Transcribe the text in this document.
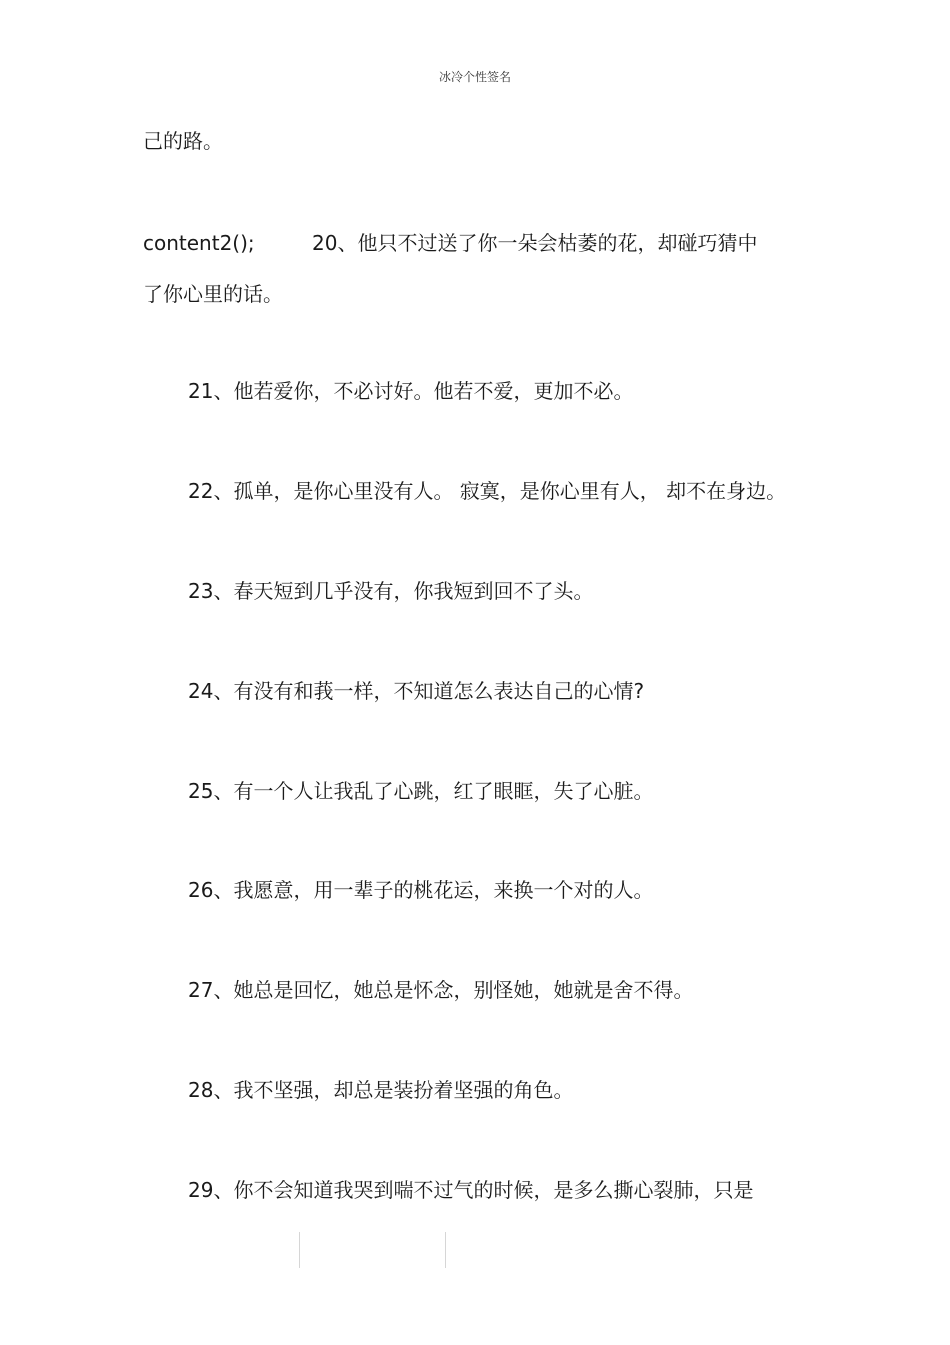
冰冷个性签名
己的路。
content2();	20、他只不过送了你一朵会枯萎的花，却碰巧猜中
了你心里的话。
21、他若爱你，不必讨好。他若不爱，更加不必。
22、孤单，是你心里没有人。 寂寞，是你心里有人， 却不在身边。
23、春天短到几乎没有，你我短到回不了头。
24、有没有和莪一样，不知道怎么表达自己的心情?
25、有一个人让我乱了心跳，红了眼眶，失了心脏。
26、我愿意，用一辈子的桃花运，来换一个对的人。
27、她总是回忆，她总是怀念，别怪她，她就是舍不得。
28、我不坚强，却总是装扮着坚强的角色。
29、你不会知道我哭到喘不过气的时候，是多么撕心裂肺，只是
